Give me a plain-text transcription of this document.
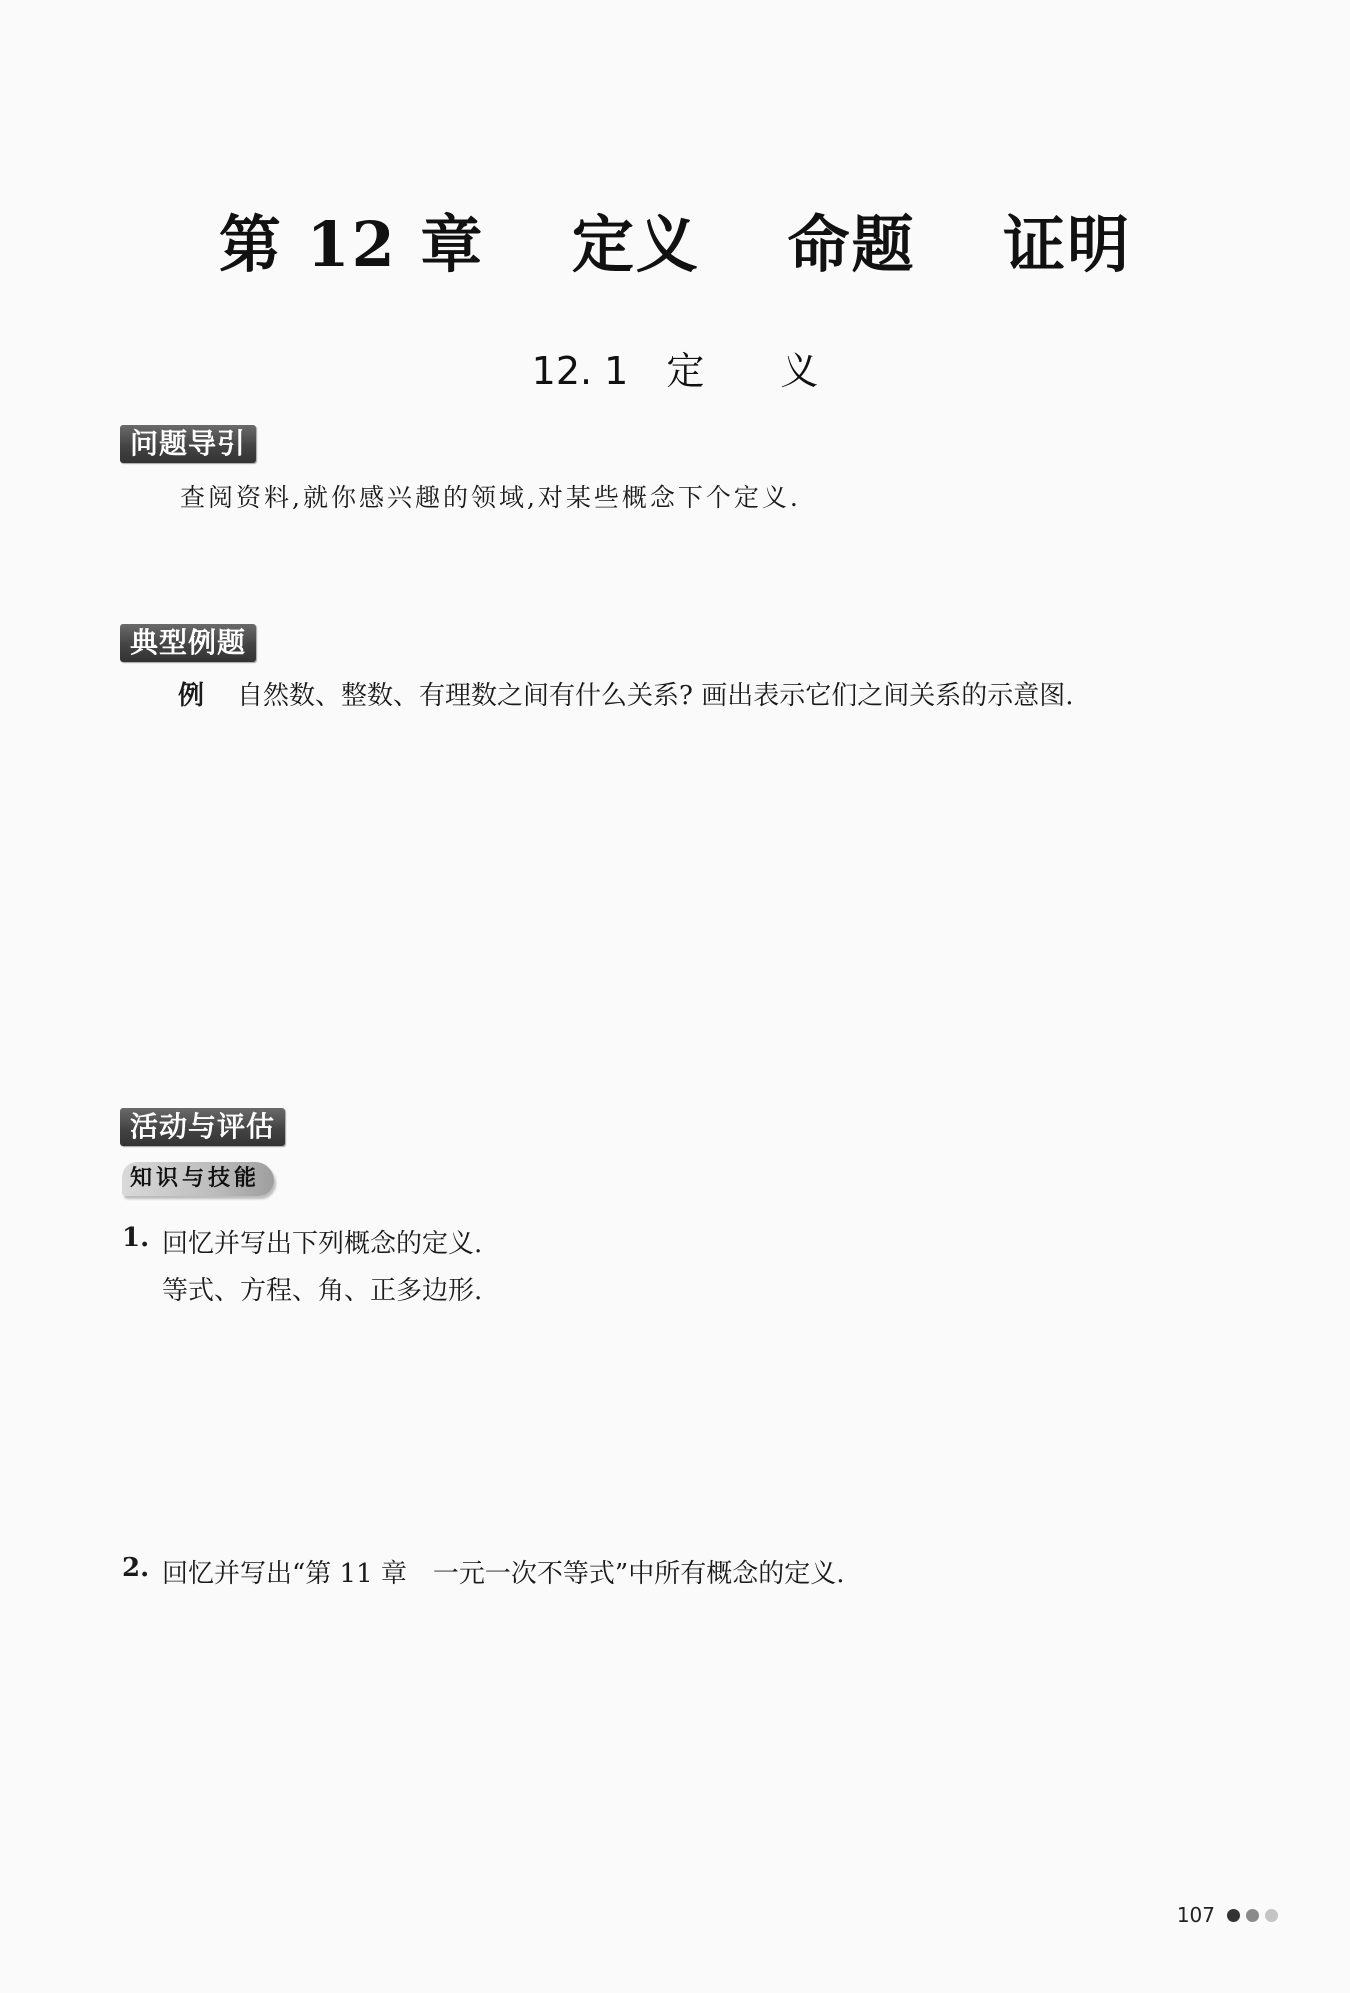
第 12 章　 定义　 命题　 证明
12. 1　定　　义
问题导引
查阅资料,就你感兴趣的领域,对某些概念下个定义.
典型例题
例 自然数、整数、有理数之间有什么关系? 画出表示它们之间关系的示意图.
活动与评估
知识与技能
1. 回忆并写出下列概念的定义.
等式、方程、角、正多边形.
2. 回忆并写出“第 11 章　一元一次不等式”中所有概念的定义.
107
